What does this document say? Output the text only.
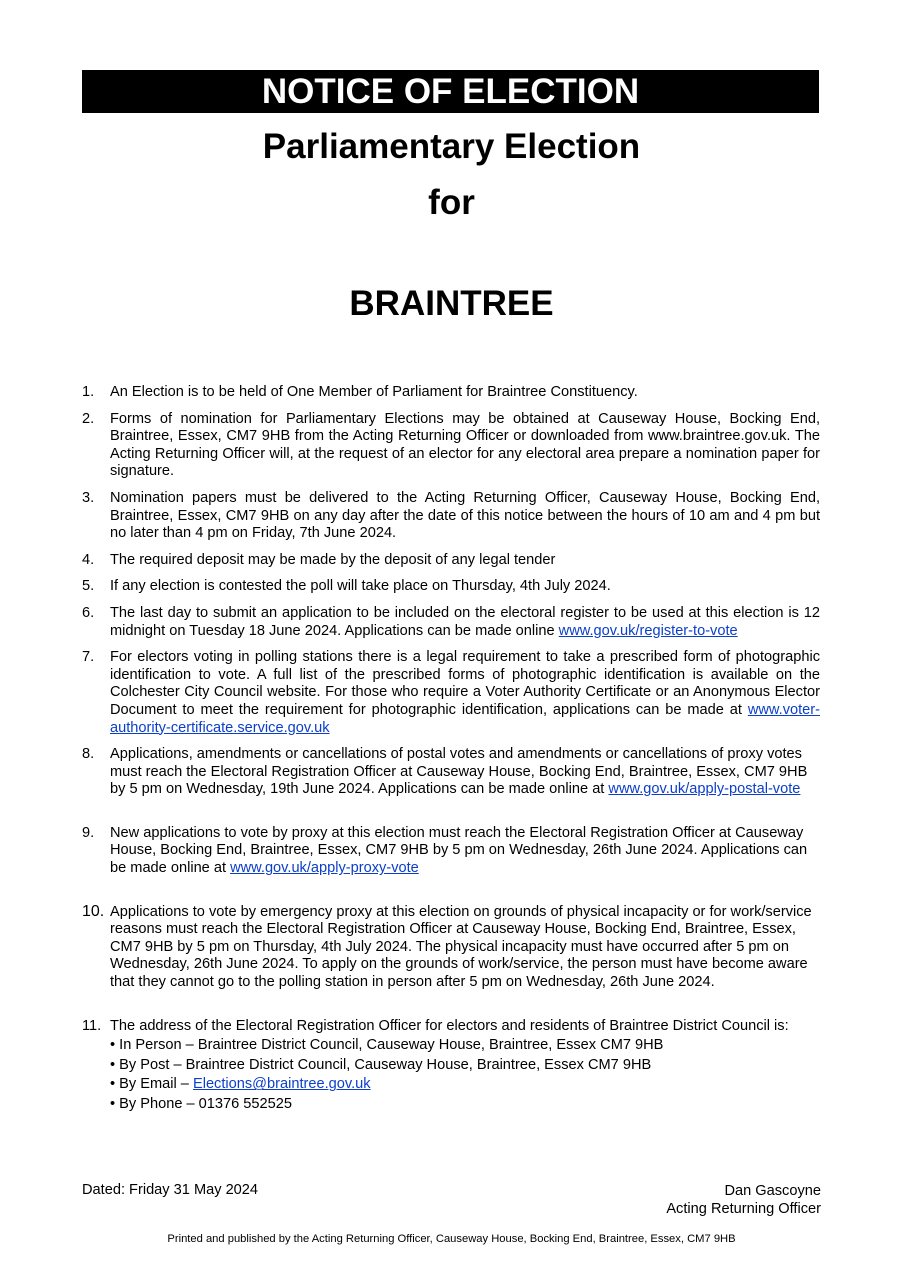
NOTICE OF ELECTION
Parliamentary Election
for
BRAINTREE
1. An Election is to be held of One Member of Parliament for Braintree Constituency.
2. Forms of nomination for Parliamentary Elections may be obtained at Causeway House, Bocking End, Braintree, Essex, CM7 9HB from the Acting Returning Officer or downloaded from www.braintree.gov.uk. The Acting Returning Officer will, at the request of an elector for any electoral area prepare a nomination paper for signature.
3. Nomination papers must be delivered to the Acting Returning Officer, Causeway House, Bocking End, Braintree, Essex, CM7 9HB on any day after the date of this notice between the hours of 10 am and 4 pm but no later than 4 pm on Friday, 7th June 2024.
4. The required deposit may be made by the deposit of any legal tender
5. If any election is contested the poll will take place on Thursday, 4th July 2024.
6. The last day to submit an application to be included on the electoral register to be used at this election is 12 midnight on Tuesday 18 June 2024. Applications can be made online www.gov.uk/register-to-vote
7. For electors voting in polling stations there is a legal requirement to take a prescribed form of photographic identification to vote. A full list of the prescribed forms of photographic identification is available on the Colchester City Council website. For those who require a Voter Authority Certificate or an Anonymous Elector Document to meet the requirement for photographic identification, applications can be made at www.voter-authority-certificate.service.gov.uk
8. Applications, amendments or cancellations of postal votes and amendments or cancellations of proxy votes must reach the Electoral Registration Officer at Causeway House, Bocking End, Braintree, Essex, CM7 9HB by 5 pm on Wednesday, 19th June 2024. Applications can be made online at www.gov.uk/apply-postal-vote
9. New applications to vote by proxy at this election must reach the Electoral Registration Officer at Causeway House, Bocking End, Braintree, Essex, CM7 9HB by 5 pm on Wednesday, 26th June 2024. Applications can be made online at www.gov.uk/apply-proxy-vote
10. Applications to vote by emergency proxy at this election on grounds of physical incapacity or for work/service reasons must reach the Electoral Registration Officer at Causeway House, Bocking End, Braintree, Essex, CM7 9HB by 5 pm on Thursday, 4th July 2024. The physical incapacity must have occurred after 5 pm on Wednesday, 26th June 2024. To apply on the grounds of work/service, the person must have become aware that they cannot go to the polling station in person after 5 pm on Wednesday, 26th June 2024.
11. The address of the Electoral Registration Officer for electors and residents of Braintree District Council is:
• In Person – Braintree District Council, Causeway House, Braintree, Essex CM7 9HB
• By Post – Braintree District Council, Causeway House, Braintree, Essex CM7 9HB
• By Email – Elections@braintree.gov.uk
• By Phone – 01376 552525
Dated: Friday 31 May 2024	Dan Gascoyne
Acting Returning Officer
Printed and published by the Acting Returning Officer, Causeway House, Bocking End, Braintree, Essex, CM7 9HB
